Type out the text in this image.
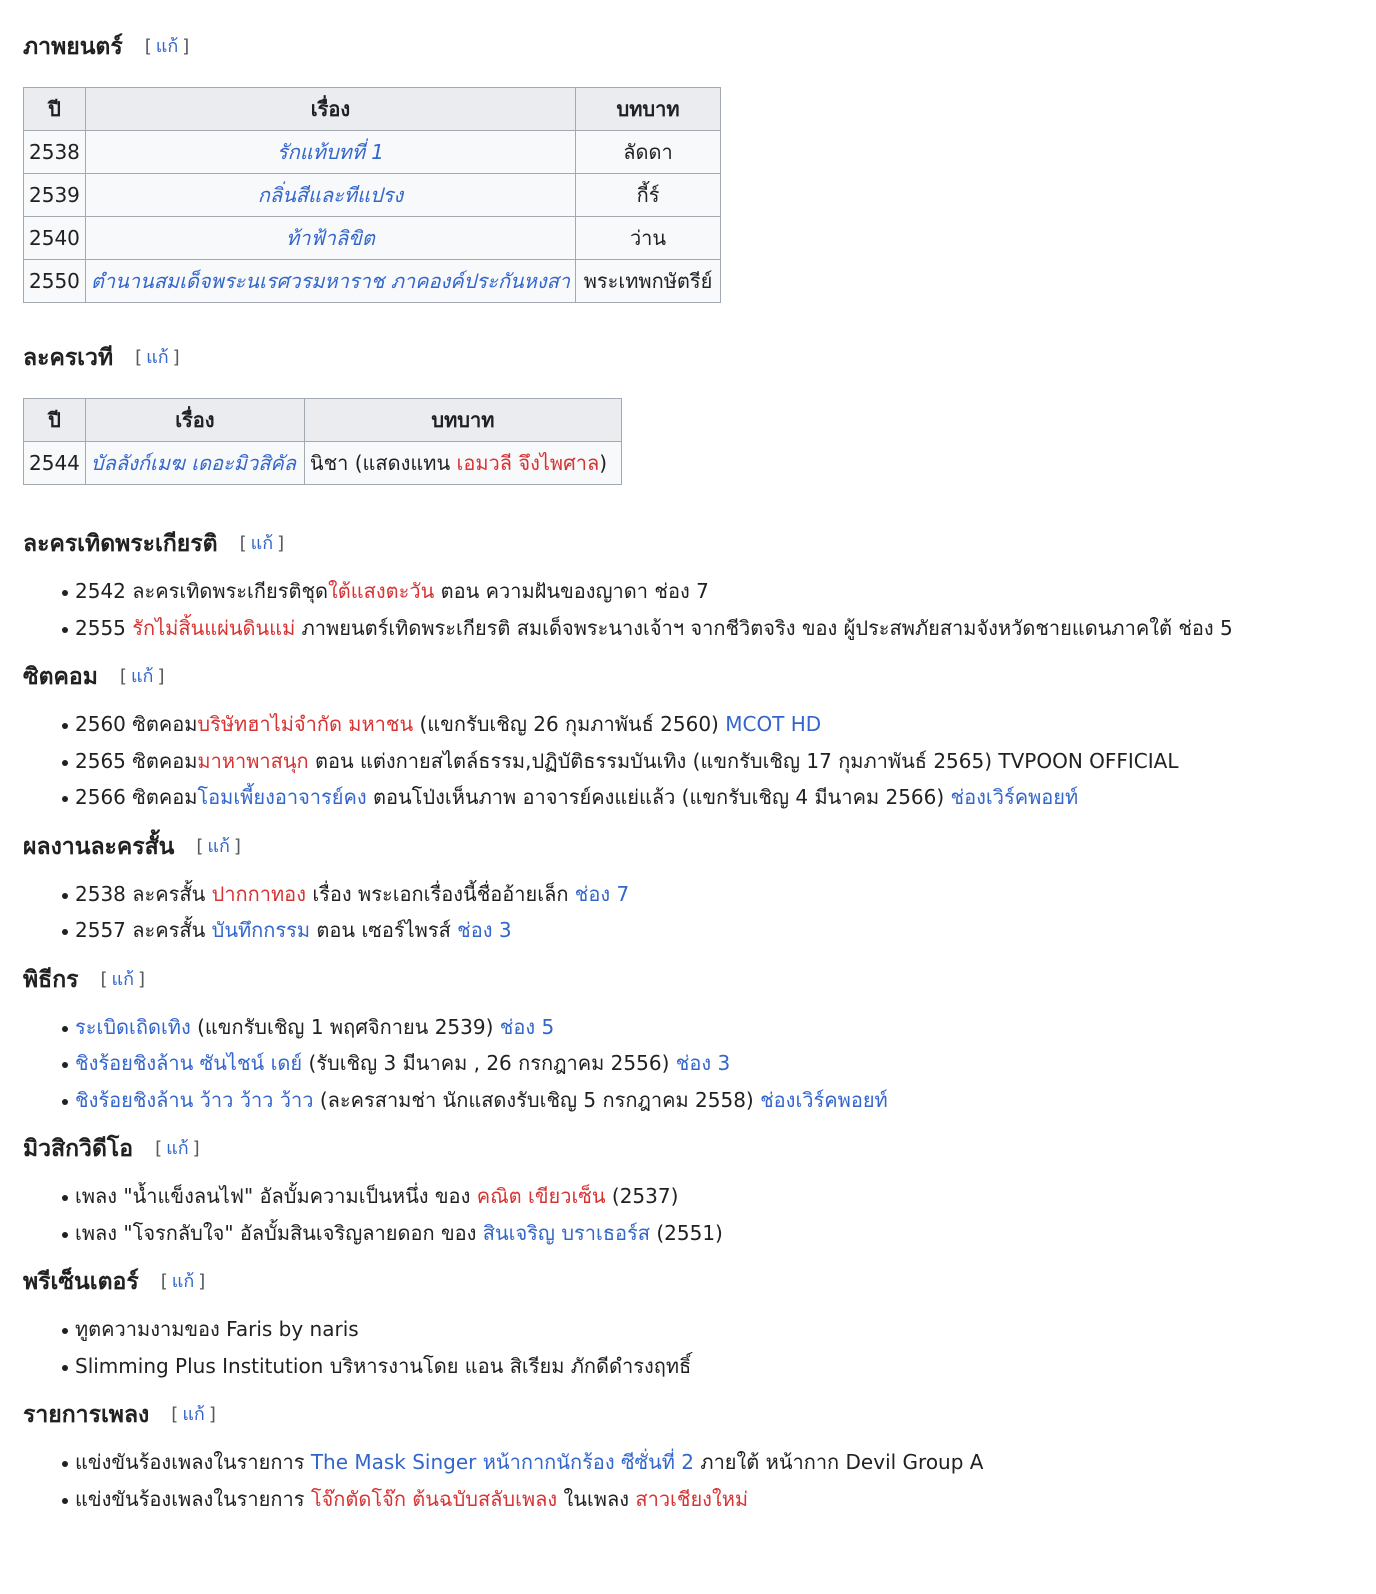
ภาพยนตร์ [ แก้ ]
ปี	เรื่อง	บทบาท
2538	รักแท้บทที่ 1	ลัดดา
2539	กลิ่นสีและทีแปรง	กี้ร์
2540	ท้าฟ้าลิขิต	ว่าน
2550	ตำนานสมเด็จพระนเรศวรมหาราช ภาคองค์ประกันหงสา	พระเทพกษัตรีย์
ละครเวที [ แก้ ]
ปี	เรื่อง	บทบาท
2544	บัลลังก์เมฆ เดอะมิวสิคัล	นิชา (แสดงแทน เอมวลี จึงไพศาล)
ละครเทิดพระเกียรติ [ แก้ ]
2542 ละครเทิดพระเกียรติชุดใต้แสงตะวัน ตอน ความฝันของญาดา ช่อง 7
2555 รักไม่สิ้นแผ่นดินแม่ ภาพยนตร์เทิดพระเกียรติ สมเด็จพระนางเจ้าฯ จากชีวิตจริง ของ ผู้ประสพภัยสามจังหวัดชายแดนภาคใต้ ช่อง 5
ซิตคอม [ แก้ ]
2560 ซิตคอมบริษัทฮาไม่จำกัด มหาชน (แขกรับเชิญ 26 กุมภาพันธ์ 2560) MCOT HD
2565 ซิตคอมมาหาพาสนุก ตอน แต่งกายสไตล์ธรรม,ปฏิบัติธรรมบันเทิง (แขกรับเชิญ 17 กุมภาพันธ์ 2565) TVPOON OFFICIAL
2566 ซิตคอมโอมเพี้ยงอาจารย์คง ตอนโป่งเห็นภาพ อาจารย์คงแย่แล้ว (แขกรับเชิญ 4 มีนาคม 2566) ช่องเวิร์คพอยท์
ผลงานละครสั้น [ แก้ ]
2538 ละครสั้น ปากกาทอง เรื่อง พระเอกเรื่องนี้ชื่ออ้ายเล็ก ช่อง 7
2557 ละครสั้น บันทึกกรรม ตอน เซอร์ไพรส์ ช่อง 3
พิธีกร [ แก้ ]
ระเบิดเถิดเทิง (แขกรับเชิญ 1 พฤศจิกายน 2539) ช่อง 5
ชิงร้อยชิงล้าน ซันไชน์ เดย์ (รับเชิญ 3 มีนาคม , 26 กรกฎาคม 2556) ช่อง 3
ชิงร้อยชิงล้าน ว้าว ว้าว ว้าว (ละครสามช่า นักแสดงรับเชิญ 5 กรกฎาคม 2558) ช่องเวิร์คพอยท์
มิวสิกวิดีโอ [ แก้ ]
เพลง "น้ำแข็งลนไฟ" อัลบั้มความเป็นหนึ่ง ของ คณิต เขียวเซ็น (2537)
เพลง "โจรกลับใจ" อัลบั้มสินเจริญลายดอก ของ สินเจริญ บราเธอร์ส (2551)
พรีเซ็นเตอร์ [ แก้ ]
ทูตความงามของ Faris by naris
Slimming Plus Institution บริหารงานโดย แอน สิเรียม ภักดีดำรงฤทธิ์
รายการเพลง [ แก้ ]
แข่งขันร้องเพลงในรายการ The Mask Singer หน้ากากนักร้อง ซีซั่นที่ 2 ภายใต้ หน้ากาก Devil Group A
แข่งขันร้องเพลงในรายการ โจ๊กตัดโจ๊ก ต้นฉบับสลับเพลง ในเพลง สาวเชียงใหม่
